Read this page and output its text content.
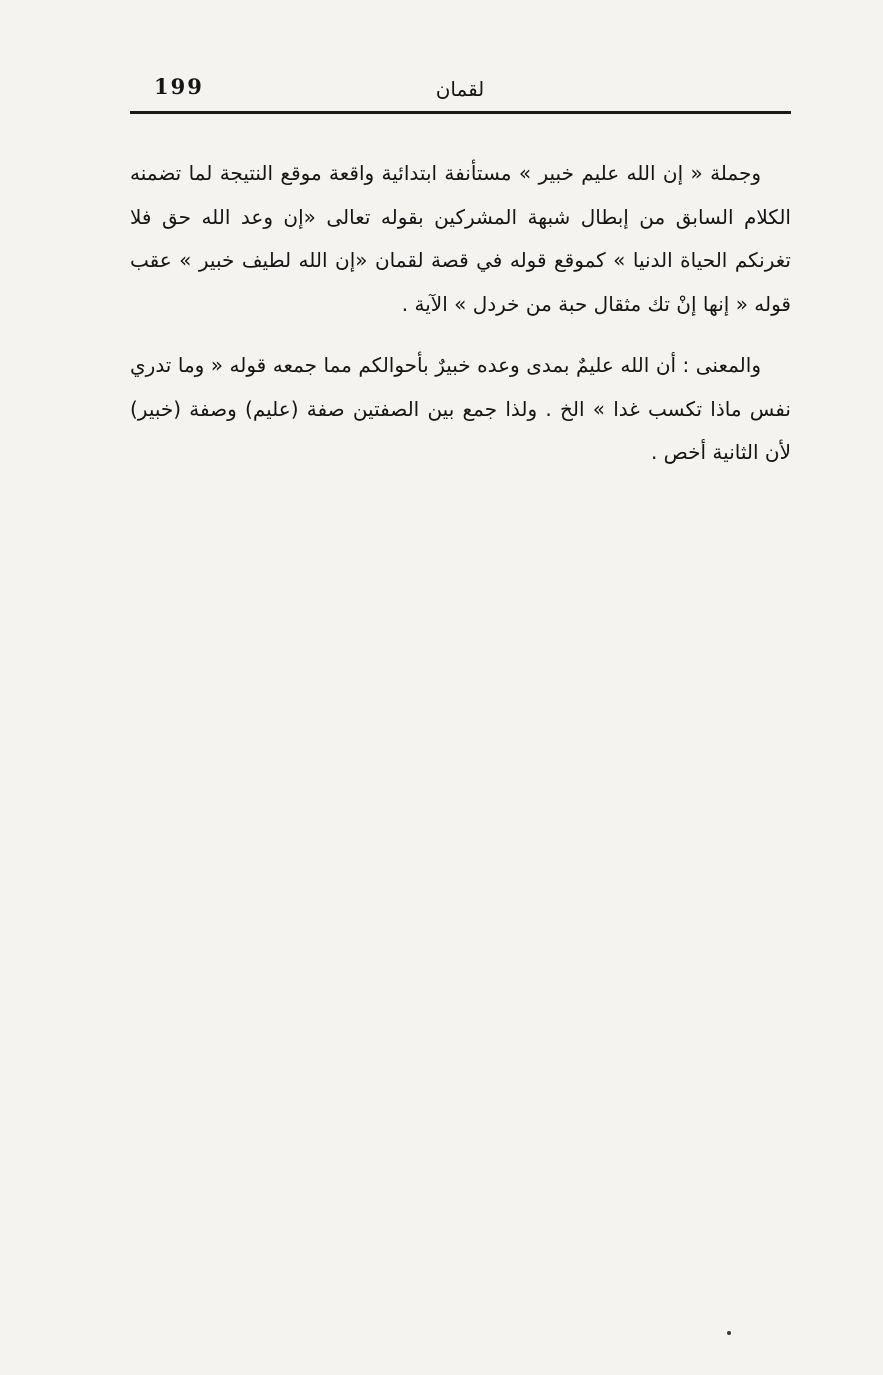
199	لقمان

وجملة « إن الله عليم خبير » مستأنفة ابتدائية واقعة موقع النتيجة لما تضمنه الكلام السابق من إبطال شبهة المشركين بقوله تعالى «إن وعد الله حق فلا تغرنكم الحياة الدنيا » كموقع قوله في قصة لقمان «إن الله لطيف خبير » عقب قوله « إنها إنْ تك مثقال حبة من خردل » الآية .

والمعنى : أن الله عليمٌ بمدى وعده خبيرٌ بأحوالكم مما جمعه قوله « وما تدري نفس ماذا تكسب غدا » الخ . ولذا جمع بين الصفتين صفة (عليم) وصفة (خبير) لأن الثانية أخص .
